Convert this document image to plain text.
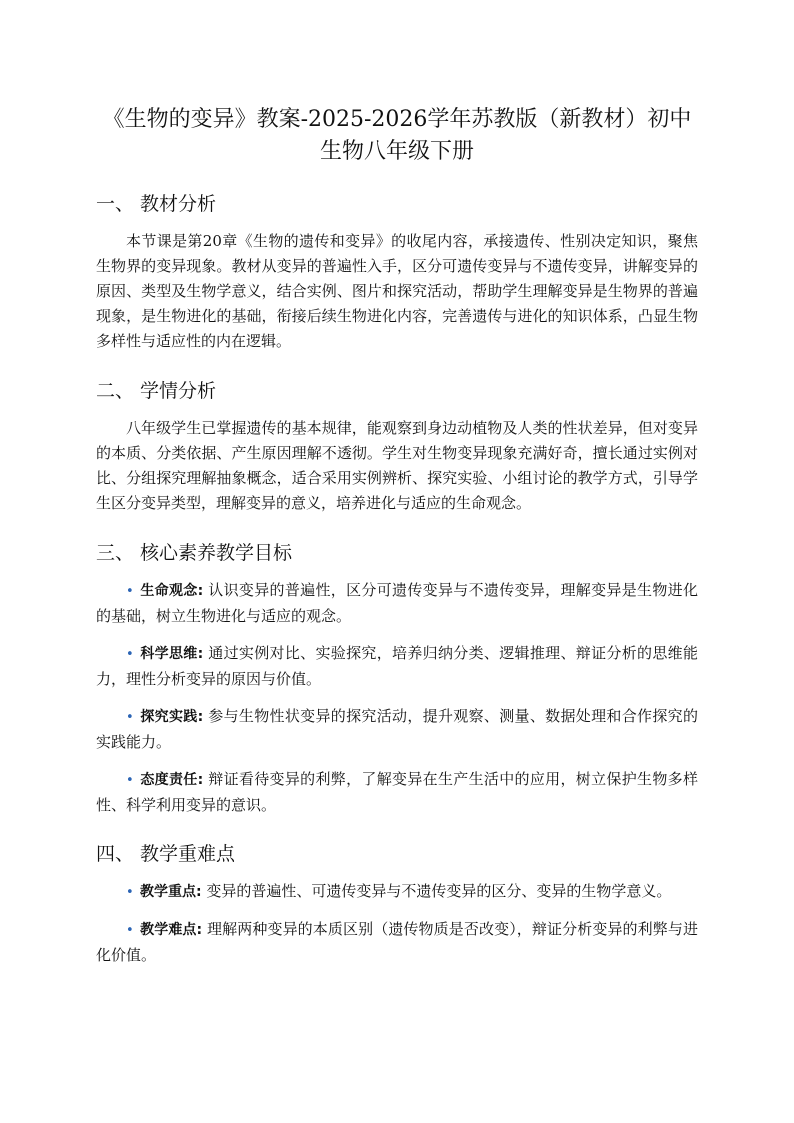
《生物的变异》教案-2025-2026学年苏教版（新教材）初中生物八年级下册
一、 教材分析

本节课是第20章《生物的遗传和变异》的收尾内容，承接遗传、性别决定知识，聚焦生物界的变异现象。教材从变异的普遍性入手，区分可遗传变异与不遗传变异，讲解变异的原因、类型及生物学意义，结合实例、图片和探究活动，帮助学生理解变异是生物界的普遍现象，是生物进化的基础，衔接后续生物进化内容，完善遗传与进化的知识体系，凸显生物多样性与适应性的内在逻辑。

二、 学情分析

八年级学生已掌握遗传的基本规律，能观察到身边动植物及人类的性状差异，但对变异的本质、分类依据、产生原因理解不透彻。学生对生物变异现象充满好奇，擅长通过实例对比、分组探究理解抽象概念，适合采用实例辨析、探究实验、小组讨论的教学方式，引导学生区分变异类型，理解变异的意义，培养进化与适应的生命观念。

三、 核心素养教学目标

• 生命观念: 认识变异的普遍性，区分可遗传变异与不遗传变异，理解变异是生物进化的基础，树立生物进化与适应的观念。

• 科学思维: 通过实例对比、实验探究，培养归纳分类、逻辑推理、辩证分析的思维能力，理性分析变异的原因与价值。

• 探究实践: 参与生物性状变异的探究活动，提升观察、测量、数据处理和合作探究的实践能力。

• 态度责任: 辩证看待变异的利弊，了解变异在生产生活中的应用，树立保护生物多样性、科学利用变异的意识。

四、 教学重难点

• 教学重点: 变异的普遍性、可遗传变异与不遗传变异的区分、变异的生物学意义。

• 教学难点: 理解两种变异的本质区别（遗传物质是否改变），辩证分析变异的利弊与进化价值。
